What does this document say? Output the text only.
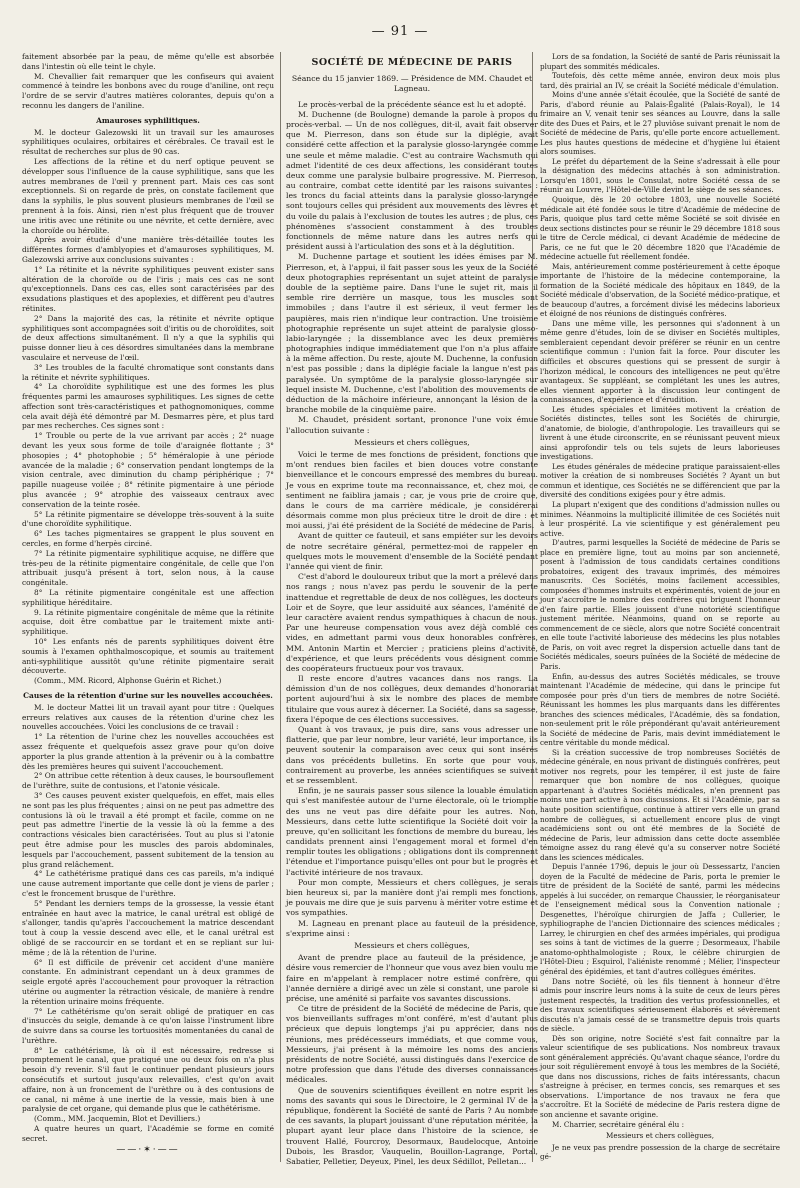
— 91 —

faitement absorbée par la peau, de même qu'elle est absorbée dans l'intestin où elle teint le chyle.

M. Chevallier fait remarquer que les confiseurs qui avaient commencé à teindre les bonbons avec du rouge d'aniline, ont reçu l'ordre de se servir d'autres matières colorantes, depuis qu'on a reconnu les dangers de l'aniline.

Amauroses syphilitiques.

M. le docteur Galezowski lit un travail sur les amauroses syphilitiques oculaires, orbitaires et cérébrales. Ce travail est le résultat de recherches sur plus de 90 cas.

Les affections de la rétine et du nerf optique peuvent se développer sous l'influence de la cause syphilitique, sans que les autres membranes de l'œil y prennent part. Mais ces cas sont exceptionnels. Si on regarde de près, on constate facilement que dans la syphilis, le plus souvent plusieurs membranes de l'œil se prennent à la fois. Ainsi, rien n'est plus fréquent que de trouver une iritis avec une rétinite ou une névrite, et cette dernière, avec la choroïde ou hérolite.

Après avoir étudié d'une manière très-détaillée toutes les différentes formes d'amblyopies et d'amauroses syphilitiques, M. Galezowski arrive aux conclusions suivantes :

1° La rétinite et la névrite syphilitiques peuvent exister sans altération de la choroïde ou de l'iris ; mais ces cas ne sont qu'exceptionnels. Dans ces cas, elles sont caractérisées par des exsudations plastiques et des apoplexies, et diffèrent peu d'autres rétinites.

2° Dans la majorité des cas, la rétinite et névrite optique syphilitiques sont accompagnées soit d'iritis ou de choroïdites, soit de deux affections simultanément. Il n'y a que la syphilis qui puisse donner lieu à ces désordres simultanées dans la membrane vasculaire et nerveuse de l'œil.

3° Les troubles de la faculté chromatique sont constants dans la rétinite et névrite syphilitiques.

4° La choroïdite syphilitique est une des formes les plus fréquentes parmi les amauroses syphilitiques. Les signes de cette affection sont très-caractéristiques et pathognomoniques, comme cela avait déjà été démontré par M. Desmarres père, et plus tard par mes recherches. Ces signes sont :

1° Trouble ou perte de la vue arrivant par accès ; 2° nuage devant les yeux sous forme de toile d'araignée flottante ; 3° phosopies ; 4° photophobie ; 5° héméralopie à une période avancée de la maladie ; 6° conservation pendant longtemps de la vision centrale, avec diminution du champ périphérique ; 7° papille nuageuse voilée ; 8° rétinite pigmentaire à une période plus avancée ; 9° atrophie des vaisseaux centraux avec conservation de la teinte rosée.

5° La rétinite pigmentaire se développe très-souvent à la suite d'une choroïdite syphilitique.

6° Les taches pigmentaires se grappent le plus souvent en cercles, en forme d'herpès circiné.

7° La rétinite pigmentaire syphilitique acquise, ne diffère que très-peu de la rétinite pigmentaire congénitale, de celle que l'on attribuait jusqu'à présent à tort, selon nous, à la cause congénitale.

8° La rétinite pigmentaire congénitale est une affection syphilitique héréditaire.

9. La rétinite pigmentaire congénitale de même que la rétinite acquise, doit être combattue par le traitement mixte anti-syphilitique.

10° Les enfants nés de parents syphilitiques doivent être soumis à l'examen ophthalmoscopique, et soumis au traitement anti-syphilitique aussitôt qu'une rétinite pigmentaire serait découverte.

(Comm., MM. Ricord, Alphonse Guérin et Richet.)

Causes de la rétention d'urine sur les nouvelles accouchées.

M. le docteur Mattei lit un travail ayant pour titre : Quelques erreurs relatives aux causes de la rétention d'urine chez les nouvelles accouchées. Voici les conclusions de ce travail :

1° La rétention de l'urine chez les nouvelles accouchées est assez fréquente et quelquefois assez grave pour qu'on doive apporter la plus grande attention à la prévenir ou à la combattre dès les premières heures qui suivent l'accouchement.

2° On attribue cette rétention à deux causes, le boursouflement de l'urèthre, suite de contusions, et l'atonie vésicale.

3° Ces causes peuvent exister quelquefois, en effet, mais elles ne sont pas les plus fréquentes ; ainsi on ne peut pas admettre des contusions là où le travail a été prompt et facile, comme on ne peut pas admettre l'inertie de la vessie là où la femme a des contractions vésicales bien caractérisées. Tout au plus si l'atonie peut être admise pour les muscles des parois abdominales, lesquels par l'accouchement, passent subitement de la tension au plus grand relâchement.

4° Le cathétérisme pratiqué dans ces cas pareils, m'a indiqué une cause autrement importante que celle dont je viens de parler ; c'est le froncement brusque de l'urèthre.

5° Pendant les derniers temps de la grossesse, la vessie étant entraînée en haut avec la matrice, le canal urétral est obligé de s'allonger, tandis qu'après l'accouchement la matrice descendant tout à coup la vessie descend avec elle, et le canal urétral est obligé de se raccourcir en se tordant et en se repliant sur lui-même ; de là la rétention de l'urine.

6° Il est difficile de prévenir cet accident d'une manière constante. En administrant cependant un à deux grammes de seigle ergoté après l'accouchement pour provoquer la rétraction utérine ou augmenter la rétraction vésicale, de manière à rendre la rétention urinaire moins fréquente.

7° Le cathétérisme qu'on serait obligé de pratiquer en cas d'insuccès du seigle, demande à ce qu'on laisse l'instrument libre de suivre dans sa course les tortuosités momentanées du canal de l'urèthre.

8° Le cathétérisme, là où il est nécessaire, redresse si promptement le canal, que pratiqué une ou deux fois on n'a plus besoin d'y revenir. S'il faut le continuer pendant plusieurs jours consécutifs et surtout jusqu'aux relevailles, c'est qu'on avait affaire, non à un froncement de l'urèthre ou à des contusions de ce canal, ni même à une inertie de la vessie, mais bien à une paralysie de cet organe, qui demande plus que le cathétérisme.

(Comm., MM. Jacquemin, Blot et Devilliers.)

A quatre heures un quart, l'Académie se forme en comité secret.

——·✶·——
SOCIÉTÉ DE MÉDECINE DE PARIS
Séance du 15 janvier 1869. — Présidence de MM. Chaudet et Lagneau.

Le procès-verbal de la précédente séance est lu et adopté.

M. Duchenne (de Boulogne) demande la parole à propos du procès-verbal. — Un de nos collègues, dit-il, avait fait observer que M. Pierreson, dans son étude sur la diplégie, avait considéré cette affection et la paralysie glosso-laryngée comme une seule et même maladie. C'est au contraire Wachsmuth qui admet l'identité de ces deux affections, les considérant toutes deux comme une paralysie bulbaire progressive. M. Pierreson, au contraire, combat cette identité par les raisons suivantes : les troncs du facial atteints dans la paralysie glosso-laryngée sont toujours celles qui président aux mouvements des lèvres et du voile du palais à l'exclusion de toutes les autres ; de plus, ces phénomènes s'associent constamment à des troubles fonctionnels de même nature dans les autres nerfs qui président aussi à l'articulation des sons et à la déglutition.

M. Duchenne partage et soutient les idées émises par M. Pierreson, et, à l'appui, il fait passer sous les yeux de la Société deux photographies représentant un sujet atteint de paralysie double de la septième paire. Dans l'une le sujet rit, mais il semble rire derrière un masque, tous les muscles sont immobiles ; dans l'autre il est sérieux, il veut fermer les paupières, mais rien n'indique leur contraction. Une troisième photographie représente un sujet atteint de paralysie glosso-labio-laryngée ; la dissemblance avec les deux premières photographies indique immédiatement que l'on n'a plus affaire à la même affection. Du reste, ajoute M. Duchenne, la confusion n'est pas possible ; dans la diplégie faciale la langue n'est pas paralysée. Un symptôme de la paralysie glosso-laryngée sur lequel insiste M. Duchenne, c'est l'abolition des mouvements de déduction de la mâchoire inférieure, annonçant la lésion de la branche mobile de la cinquième paire.

M. Chaudet, président sortant, prononce l'une voix émue l'allocution suivante :

Messieurs et chers collègues,

Voici le terme de mes fonctions de président, fonctions que m'ont rendues bien faciles et bien douces votre constante bienveillance et le concours empressé des membres du bureau. Je vous en exprime toute ma reconnaissance, et, chez moi, ce sentiment ne faiblira jamais ; car, je vous prie de croire que, dans le cours de ma carrière médicale, je considérerai désormais comme mon plus précieux titre le droit de dire : et moi aussi, j'ai été président de la Société de médecine de Paris.

Avant de quitter ce fauteuil, et sans empiéter sur les devoirs de notre secrétaire général, permettez-moi de rappeler en quelques mots le mouvement d'ensemble de la Société pendant l'année qui vient de finir.

C'est d'abord le douloureux tribut que la mort a prélevé dans nos rangs ; nous n'avez pas perdu le souvenir de la perte inattendue et regrettable de deux de nos collègues, les docteurs Loir et de Soyre, que leur assiduité aux séances, l'aménité de leur caractère avaient rendus sympathiques à chacun de nous. Par une heureuse compensation vous avez déjà comblé ces vides, en admettant parmi vous deux honorables confrères, MM. Antonin Martin et Mercier ; praticiens pleins d'activité, d'expérience, et que leurs précédents vous désignent comme des coopérateurs fructueux pour vos travaux.

Il reste encore d'autres vacances dans nos rangs. La démission d'un de nos collègues, deux demandes d'honorariat portent aujourd'hui à six le nombre des places de membre titulaire que vous aurez à décerner. La Société, dans sa sagesse, fixera l'époque de ces élections successives.

Quant à vos travaux, je puis dire, sans vous adresser une flatterie, que par leur nombre, leur variété, leur importance, ils peuvent soutenir la comparaison avec ceux qui sont insérés dans vos précédents bulletins. En sorte que pour vous, contrairement au proverbe, les années scientifiques se suivent et se ressemblent.

Enfin, je ne saurais passer sous silence la louable émulation qui s'est manifestée autour de l'urne électorale, où le triomphe des uns ne veut pas dire défaite pour les autres. Non, Messieurs, dans cette lutte scientifique la Société doit voir la preuve, qu'en sollicitant les fonctions de membre du bureau, les candidats prennent ainsi l'engagement moral et formel d'en remplir toutes les obligations ; obligations dont ils comprennent l'étendue et l'importance puisqu'elles ont pour but le progrès et l'activité intérieure de nos travaux.

Pour mon compte, Messieurs et chers collègues, je serais bien heureux si, par la manière dont j'ai rempli mes fonctions, je pouvais me dire que je suis parvenu à mériter votre estime et vos sympathies.

M. Lagneau en prenant place au fauteuil de la présidence, s'exprime ainsi :

Messieurs et chers collègues,

Avant de prendre place au fauteuil de la présidence, je désire vous remercier de l'honneur que vous avez bien voulu me faire en m'appelant à remplacer notre estimé confrère, qui l'année dernière a dirigé avec un zèle si constant, une parole si précise, une aménité si parfaite vos savantes discussions.

Ce titre de président de la Société de médecine de Paris, que vos bienveillants suffrages m'ont conféré, m'est d'autant plus précieux que depuis longtemps j'ai pu apprécier, dans nos réunions, mes prédécesseurs immédiats, et que comme vous, Messieurs, j'ai présent à la mémoire les noms des anciens présidents de notre Société, aussi distingués dans l'exercice de notre profession que dans l'étude des diverses connaissances médicales.

Que de souvenirs scientifiques éveillent en notre esprit les noms des savants qui sous le Directoire, le 2 germinal IV de la république, fondèrent la Société de santé de Paris ? Au nombre de ces savants, la plupart jouissant d'une réputation méritée, la plupart ayant leur place dans l'histoire de la science, se trouvent Hallé, Fourcroy, Desormaux, Baudelocque, Antoine Dubois, les Brasdor, Vauquelin, Bouillon-Lagrange, Portal, Sabatier, Pelletier, Deyeux, Pinel, les deux Sédillot, Pelletan...

Lors de sa fondation, la Société de santé de Paris réunissait la plupart des sommités médicales.

Toutefois, dès cette même année, environ deux mois plus tard, dès prairial an IV, se créait la Société médicale d'émulation.

Moins d'une année s'était écoulée, que la Société de santé de Paris, d'abord réunie au Palais-Égalité (Palais-Royal), le 14 frimaire an V, venait tenir ses séances au Louvre, dans la salle dite des Dues et Pairs, et le 27 pluviôse suivant prenait le nom de Société de médecine de Paris, qu'elle porte encore actuellement. Les plus hautes questions de médecine et d'hygiène lui étaient alors soumises.

Le préfet du département de la Seine s'adressait à elle pour la désignation des médecins attachés à son administration. Lorsqu'en 1801, sous le Consulat, notre Société cessa de se réunir au Louvre, l'Hôtel-de-Ville devint le siège de ses séances.

Quoique, dès le 20 octobre 1803, une nouvelle Société médicale ait été fondée sous le titre d'Académie de médecine de Paris, quoique plus tard cette même Société se soit divisée en deux sections distinctes pour se réunir le 29 décembre 1818 sous le titre de Cercle médical, ci devant Académie de médecine de Paris, ce ne fut que le 20 décembre 1820 que l'Académie de médecine actuelle fut réellement fondée.

Mais, antérieurement comme postérieurement à cette époque importante de l'histoire de la médecine contemporaine, la formation de la Société médicale des hôpitaux en 1849, de la Société médicale d'observation, de la Société médico-pratique, et de beaucoup d'autres, a forcément divisé les médecins laborieux et éloigné de nos réunions de distingués confrères.

Dans une même ville, les personnes qui s'adonnent à un même genre d'études, loin de se diviser en Sociétés multiples, sembleraient cependant devoir préférer se réunir en un centre scientifique commun : l'union fait la force. Pour discuter les difficiles et obscures questions qui se pressent de surgir à l'horizon médical, le concours des intelligences ne peut qu'être avantageux. Se suppléant, se complétant les unes les autres, elles viennent apporter à la discussion leur contingent de connaissances, d'expérience et d'érudition.

Les études spéciales et limitées motivent la création de Sociétés distinctes, telles sont les Sociétés de chirurgie, d'anatomie, de biologie, d'anthropologie. Les travailleurs qui se livrent à une étude circonscrite, en se réunissant peuvent mieux ainsi approfondir tels ou tels sujets de leurs laborieuses investigations.

Les études générales de médecine pratique paraissaient-elles motiver la création de si nombreuses Sociétés ? Ayant un but commun et identique, ces Sociétés ne se différencient que par la diversité des conditions exigées pour y être admis.

La plupart n'exigent que des conditions d'admission nulles ou minimes. Néanmoins la multiplicité illimitée de ces Sociétés nuit à leur prospérité. La vie scientifique y est généralement peu active.

D'autres, parmi lesquelles la Société de médecine de Paris se place en première ligne, tout au moins par son ancienneté, posent à l'admission de tous candidats certaines conditions probatoires, exigent des travaux imprimés, des mémoires manuscrits. Ces Sociétés, moins facilement accessibles, composées d'hommes instruits et expérimentés, voient de jour en jour s'accroître le nombre des confrères qui briguent l'honneur d'en faire partie. Elles jouissent d'une notoriété scientifique justement méritée. Néanmoins, quand on se reporte au commencement de ce siècle, alors que notre Société concentrait en elle toute l'activité laborieuse des médecins les plus notables de Paris, on voit avec regret la dispersion actuelle dans tant de Sociétés médicales, soeurs puînées de la Société de médecine de Paris.

Enfin, au-dessus des autres Sociétés médicales, se trouve maintenant l'Académie de médecine, qui dans le principe fut composée pour près d'un tiers de membres de notre Société. Réunissant les hommes les plus marquants dans les différentes branches des sciences médicales, l'Académie, dès sa fondation, non-seulement prit le rôle prépondérant qu'avait antérieurement la Société de médecine de Paris, mais devint immédiatement le centre véritable du monde médical.

Si la création successive de trop nombreuses Sociétés de médecine générale, en nous privant de distingués confrères, peut motiver nos regrets, pour les tempérer, il est juste de faire remarquer que bon nombre de nos collègues, quoique appartenant à d'autres Sociétés médicales, n'en prennent pas moins une part active à nos discussions. Et si l'Académie, par sa haute position scientifique, continue à attirer vers elle un grand nombre de collègues, si actuellement encore plus de vingt académiciens sont ou ont été membres de la Société de médecine de Paris, leur admission dans cette docte assemblée témoigne assez du rang élevé qu'a su conserver notre Société dans les sciences médicales.

Depuis l'année 1796, depuis le jour où Dessessartz, l'ancien doyen de la Faculté de médecine de Paris, porta le premier le titre de président de la Société de santé, parmi les médecins appelés à lui succéder, on remarque Chaussier, le réorganisateur de l'enseignement médical sous la Convention nationale ; Desgenettes, l'héroïque chirurgien de Jaffa ; Cullerier, le syphiliographe de l'ancien Dictionnaire des sciences médicales ; Larrey, le chirurgien en chef des armées impériales, qui prodigua ses soins à tant de victimes de la guerre ; Desormeaux, l'habile anatomo-ophthalmologiste ; Roux, le célèbre chirurgien de l'Hôtel-Dieu ; Esquirol, l'aliéniste renommé ; Mélier, l'inspecteur général des épidémies, et tant d'autres collègues émérites.

Dans notre Société, où les fils tiennent à honneur d'être admis pour inscrire leurs noms à la suite de ceux de leurs pères justement respectés, la tradition des vertus professionnelles, et des travaux scientifiques sérieusement élaborés et sévèrement discutés n'a jamais cessé de se transmettre depuis trois quarts de siècle.

Dès son origine, notre Société s'est fait connaître par la valeur scientifique de ses publications. Nos nombreux travaux sont généralement appréciés. Qu'avant chaque séance, l'ordre du jour soit régulièrement envoyé à tous les membres de la Société, que dans nos discussions, riches de faits intéressants, chacun s'astreigne à préciser, en termes concis, ses remarques et ses observations. L'importance de nos travaux ne fera que s'accroître. Et la Société de médecine de Paris restera digne de son ancienne et savante origine.

M. Charrier, secrétaire général élu :

Messieurs et chers collègues,

Je ne veux pas prendre possession de la charge de secrétaire gé-
